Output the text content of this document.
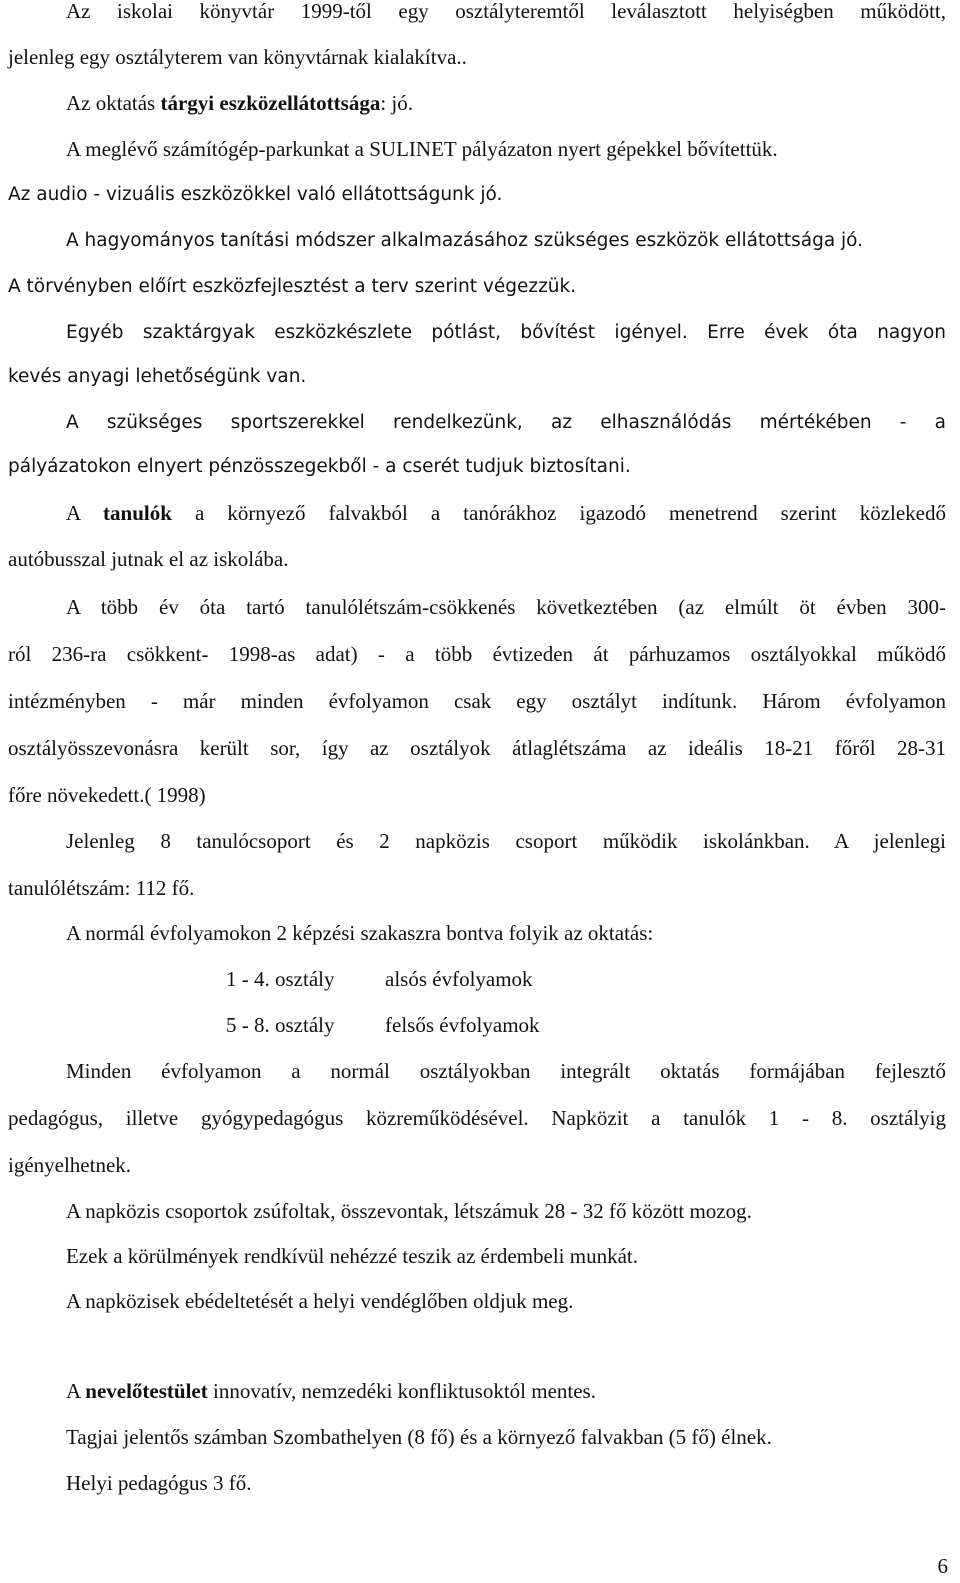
Az iskolai könyvtár 1999-től egy osztályteremtől leválasztott helyiségben működött,
jelenleg egy osztályterem van könyvtárnak kialakítva..
Az oktatás tárgyi eszközellátottsága: jó.
A meglévő számítógép-parkunkat a SULINET pályázaton nyert gépekkel bővítettük.
Az audio - vizuális eszközökkel való ellátottságunk jó.
A hagyományos tanítási módszer alkalmazásához szükséges eszközök ellátottsága jó.
A törvényben előírt eszközfejlesztést a terv szerint végezzük.
Egyéb szaktárgyak eszközkészlete pótlást, bővítést igényel. Erre évek óta nagyon
kevés anyagi lehetőségünk van.
A szükséges sportszerekkel rendelkezünk, az elhasználódás mértékében - a
pályázatokon elnyert pénzösszegekből - a cserét tudjuk biztosítani.
A tanulók a környező falvakból a tanórákhoz igazodó menetrend szerint közlekedő
autóbusszal jutnak el az iskolába.
A több év óta tartó tanulólétszám-csökkenés következtében (az elmúlt öt évben 300-
ról 236-ra csökkent- 1998-as adat) - a több évtizeden át párhuzamos osztályokkal működő
intézményben - már minden évfolyamon csak egy osztályt indítunk. Három évfolyamon
osztályösszevonásra került sor, így az osztályok átlaglétszáma az ideális 18-21 főről 28-31
főre növekedett.( 1998)
Jelenleg 8 tanulócsoport és 2 napközis csoport működik iskolánkban. A jelenlegi
tanulólétszám: 112 fő.
A normál évfolyamokon 2 képzési szakaszra bontva folyik az oktatás:
1 - 4. osztály alsós évfolyamok
5 - 8. osztály felsős évfolyamok
Minden évfolyamon a normál osztályokban integrált oktatás formájában fejlesztő
pedagógus, illetve gyógypedagógus közreműködésével. Napközit a tanulók 1 - 8. osztályig
igényelhetnek.
A napközis csoportok zsúfoltak, összevontak, létszámuk 28 - 32 fő között mozog.
Ezek a körülmények rendkívül nehézzé teszik az érdembeli munkát.
A napközisek ebédeltetését a helyi vendéglőben oldjuk meg.
A nevelőtestület innovatív, nemzedéki konfliktusoktól mentes.
Tagjai jelentős számban Szombathelyen (8 fő) és a környező falvakban (5 fő) élnek.
Helyi pedagógus 3 fő.
6
